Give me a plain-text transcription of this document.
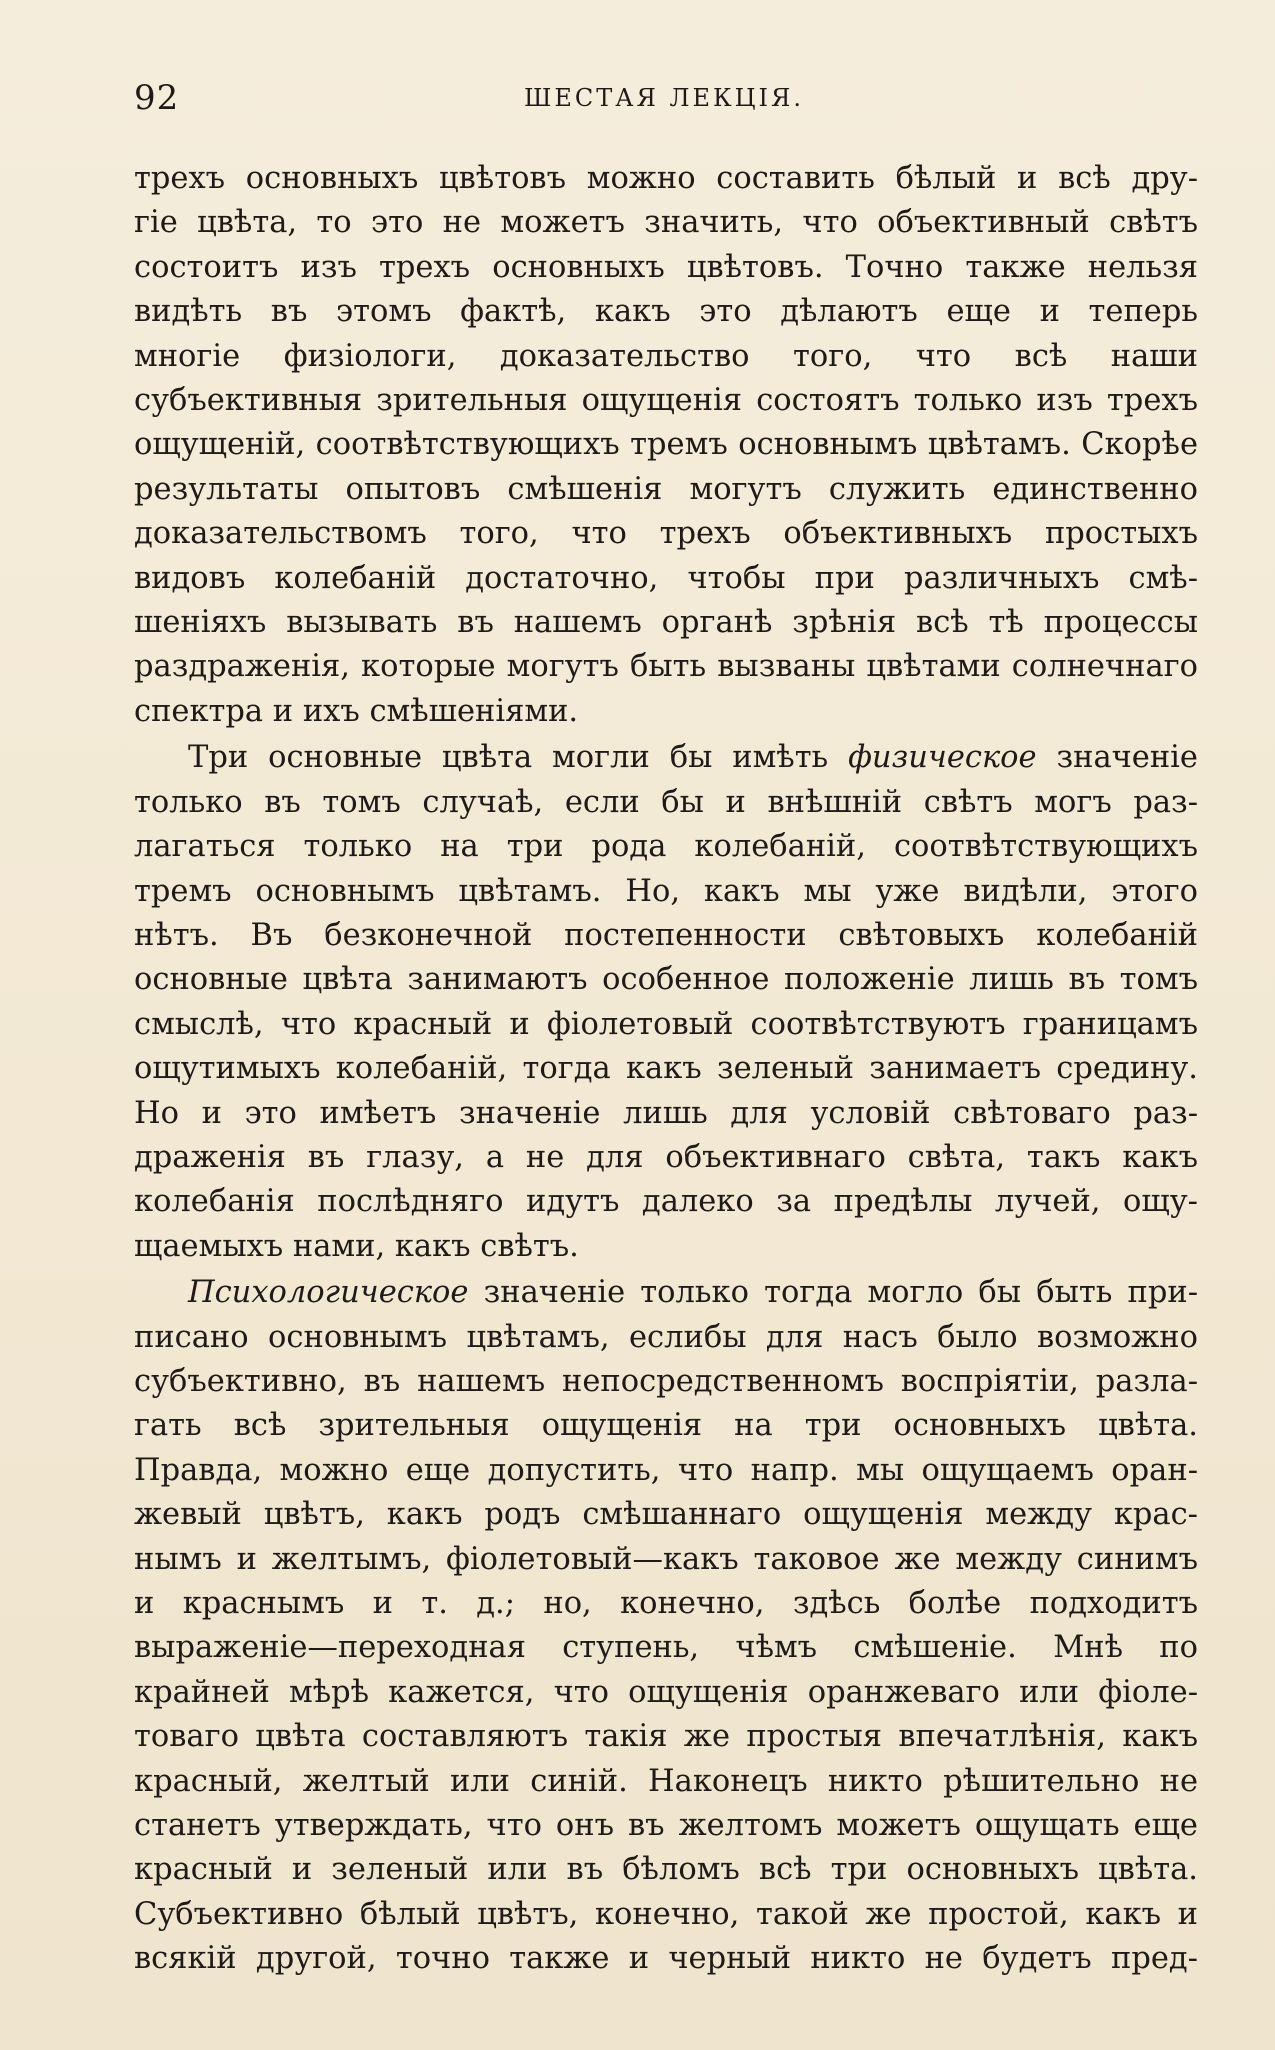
92	ШЕСТАЯ ЛЕКЦІЯ.

трехъ основныхъ цвѣтовъ можно составить бѣлый и всѣ дру-
гіе цвѣта, то это не можетъ значить, что объективный свѣтъ
состоитъ изъ трехъ основныхъ цвѣтовъ. Точно также нельзя
видѣть въ этомъ фактѣ, какъ это дѣлаютъ еще и теперь
многіе физіологи, доказательство того, что всѣ наши
субъективныя зрительныя ощущенія состоятъ только изъ трехъ
ощущеній, соотвѣтствующихъ тремъ основнымъ цвѣтамъ. Скорѣе
результаты опытовъ смѣшенія могутъ служить единственно
доказательствомъ того, что трехъ объективныхъ простыхъ
видовъ колебаній достаточно, чтобы при различныхъ смѣ-
шеніяхъ вызывать въ нашемъ органѣ зрѣнія всѣ тѣ процессы
раздраженія, которые могутъ быть вызваны цвѣтами солнечнаго
спектра и ихъ смѣшеніями.

Три основные цвѣта могли бы имѣть физическое значеніе
только въ томъ случаѣ, если бы и внѣшній свѣтъ могъ раз-
лагаться только на три рода колебаній, соотвѣтствующихъ
тремъ основнымъ цвѣтамъ. Но, какъ мы уже видѣли, этого
нѣтъ. Въ безконечной постепенности свѣтовыхъ колебаній
основные цвѣта занимаютъ особенное положеніе лишь въ томъ
смыслѣ, что красный и фіолетовый соотвѣтствуютъ границамъ
ощутимыхъ колебаній, тогда какъ зеленый занимаетъ средину.
Но и это имѣетъ значеніе лишь для условій свѣтоваго раз-
драженія въ глазу, а не для объективнаго свѣта, такъ какъ
колебанія послѣдняго идутъ далеко за предѣлы лучей, ощу-
щаемыхъ нами, какъ свѣтъ.

Психологическое значеніе только тогда могло бы быть при-
писано основнымъ цвѣтамъ, еслибы для насъ было возможно
субъективно, въ нашемъ непосредственномъ воспріятіи, разла-
гать всѣ зрительныя ощущенія на три основныхъ цвѣта.
Правда, можно еще допустить, что напр. мы ощущаемъ оран-
жевый цвѣтъ, какъ родъ смѣшаннаго ощущенія между крас-
нымъ и желтымъ, фіолетовый—какъ таковое же между синимъ
и краснымъ и т. д.; но, конечно, здѣсь болѣе подходитъ
выраженіе—переходная ступень, чѣмъ смѣшеніе. Мнѣ по
крайней мѣрѣ кажется, что ощущенія оранжеваго или фіоле-
товаго цвѣта составляютъ такія же простыя впечатлѣнія, какъ
красный, желтый или синій. Наконецъ никто рѣшительно не
станетъ утверждать, что онъ въ желтомъ можетъ ощущать еще
красный и зеленый или въ бѣломъ всѣ три основныхъ цвѣта.
Субъективно бѣлый цвѣтъ, конечно, такой же простой, какъ и
всякій другой, точно также и черный никто не будетъ пред-
